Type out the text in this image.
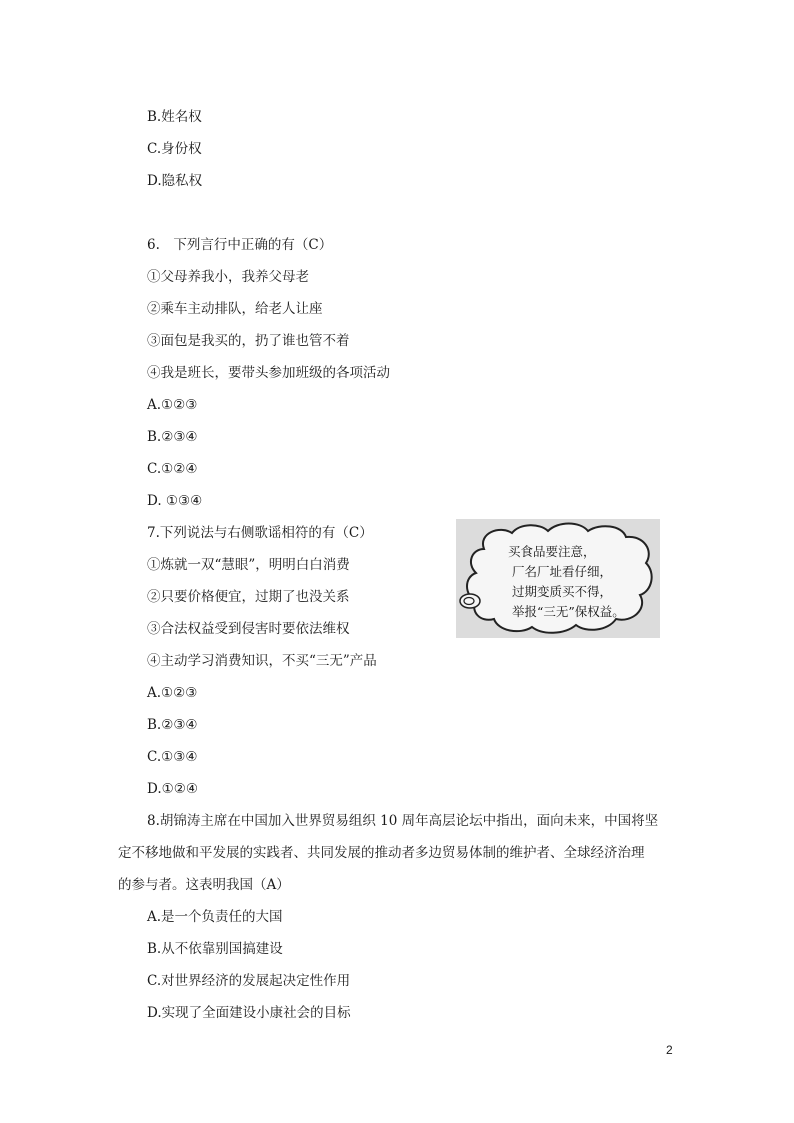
B.姓名权
C.身份权
D.隐私权
6.　下列言行中正确的有（C）
①父母养我小，我养父母老
②乘车主动排队，给老人让座
③面包是我买的，扔了谁也管不着
④我是班长，要带头参加班级的各项活动
A.①②③
B.②③④
C.①②④
D. ①③④
7.下列说法与右侧歌谣相符的有（C）
①炼就一双“慧眼”，明明白白消费
②只要价格便宜，过期了也没关系
③合法权益受到侵害时要依法维权
④主动学习消费知识，不买“三无”产品
A.①②③
B.②③④
C.①③④
D.①②④
买食品要注意，
厂名厂址看仔细，
过期变质买不得，
举报“三无”保权益。
8.胡锦涛主席在中国加入世界贸易组织 10 周年高层论坛中指出，面向未来，中国将坚
定不移地做和平发展的实践者、共同发展的推动者多边贸易体制的维护者、全球经济治理
的参与者。这表明我国（A）
A.是一个负责任的大国
B.从不依靠别国搞建设
C.对世界经济的发展起决定性作用
D.实现了全面建设小康社会的目标
2
